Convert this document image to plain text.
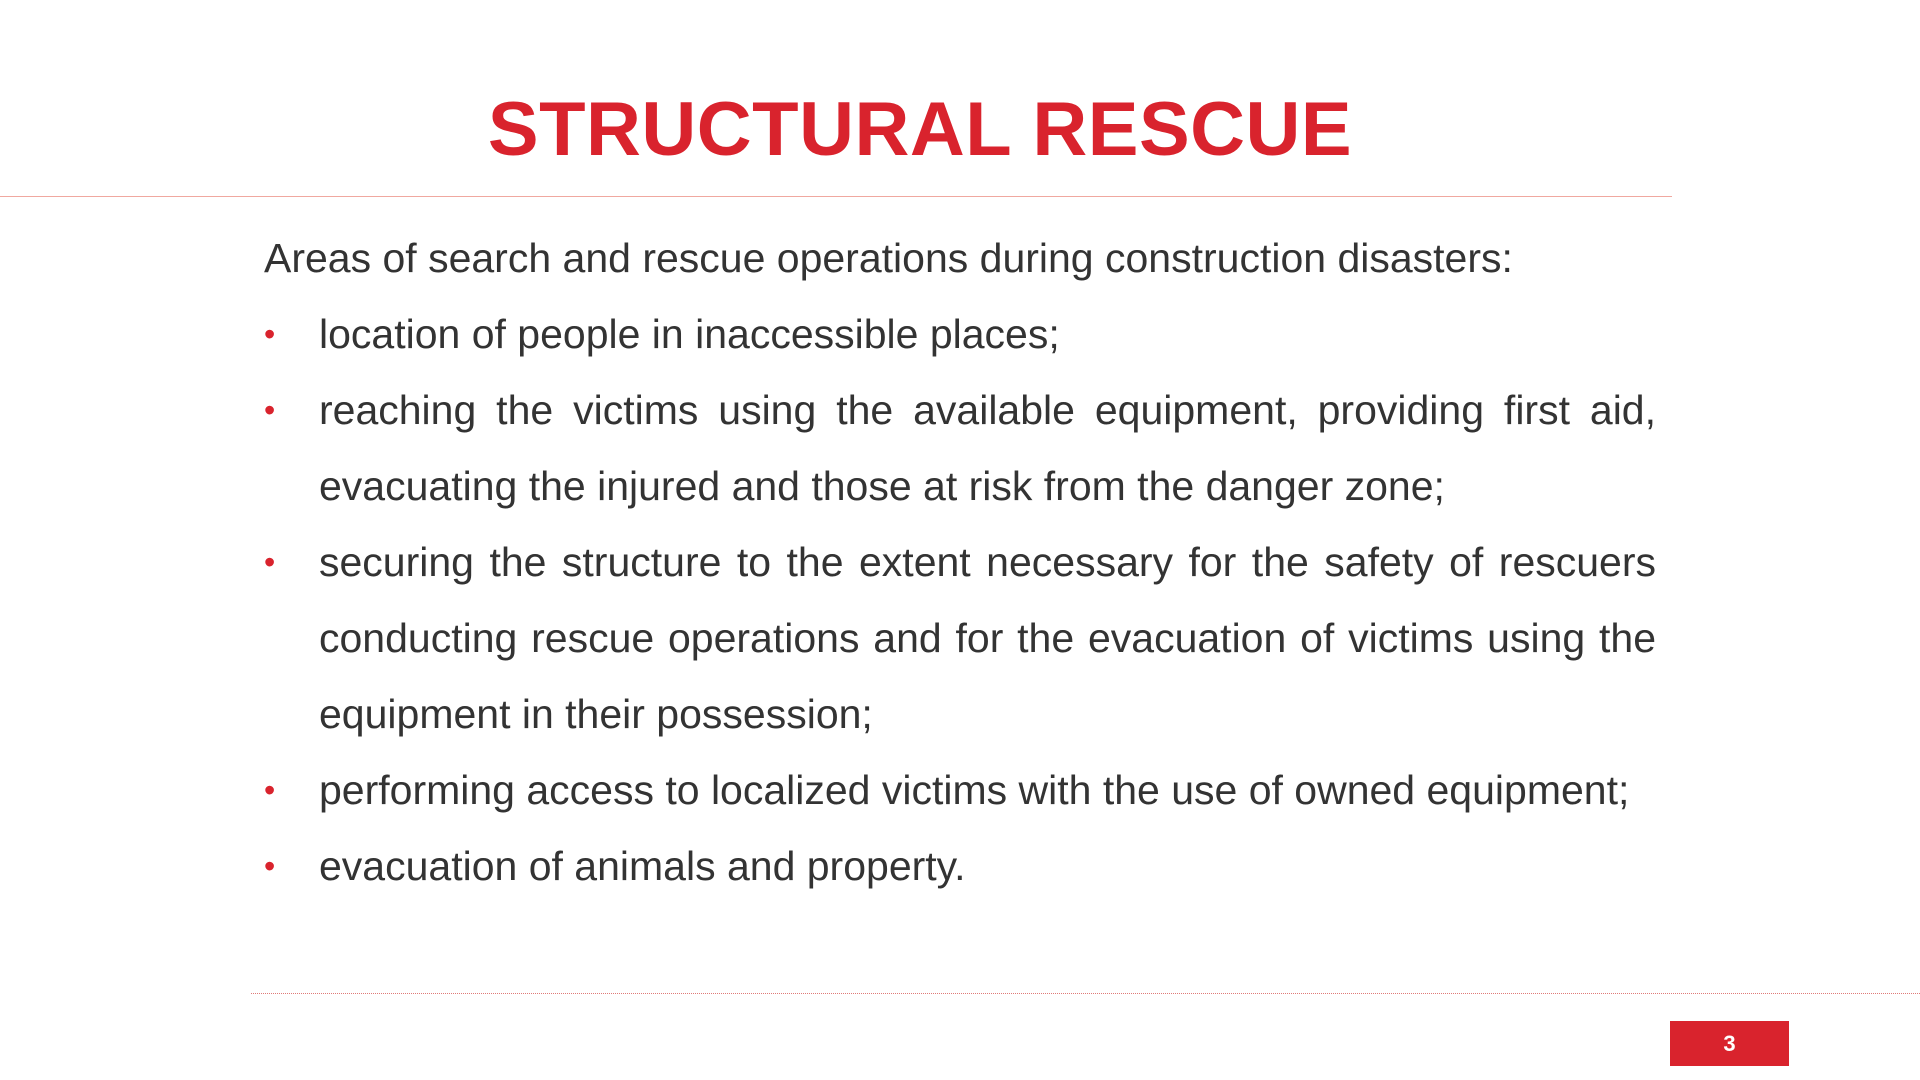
STRUCTURAL RESCUE

Areas of search and rescue operations during construction disasters:

• location of people in inaccessible places;
• reaching the victims using the available equipment, providing first aid, evacuating the injured and those at risk from the danger zone;
• securing the structure to the extent necessary for the safety of rescuers conducting rescue operations and for the evacuation of victims using the equipment in their possession;
• performing access to localized victims with the use of owned equipment;
• evacuation of animals and property.
3
